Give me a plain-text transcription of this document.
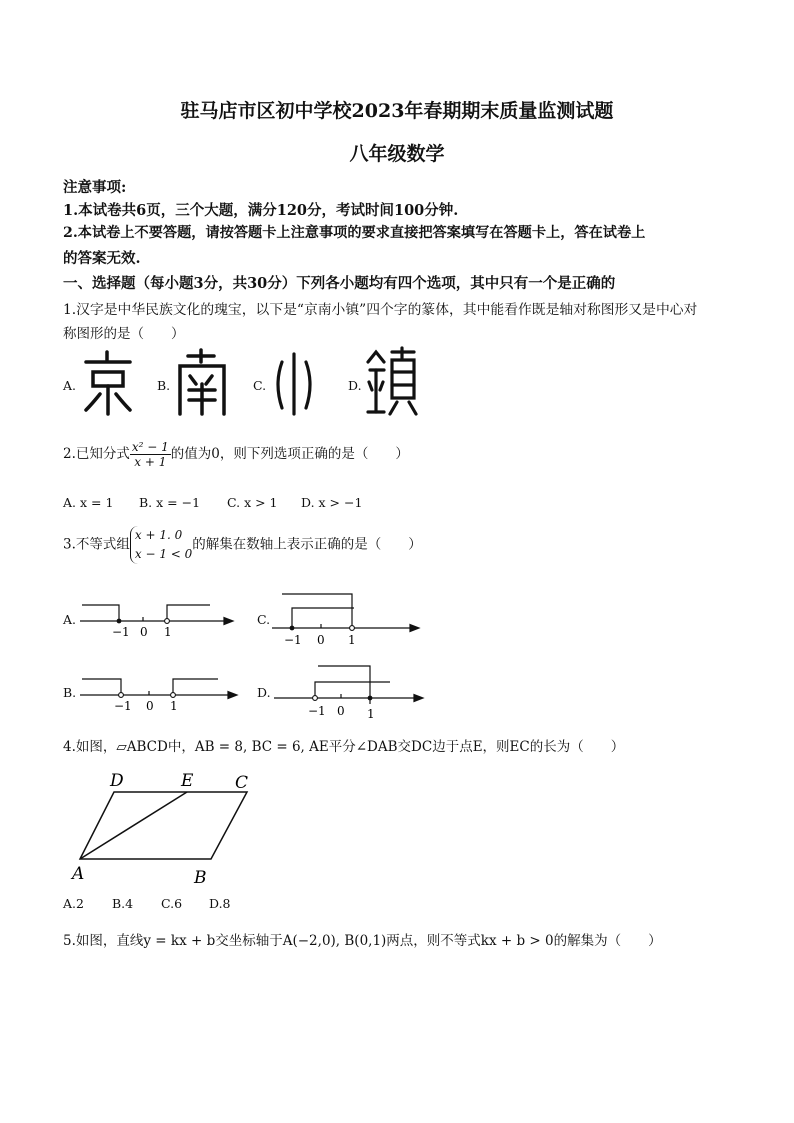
驻马店市区初中学校2023年春期期末质量监测试题
八年级数学
注意事项:
1.本试卷共6页，三个大题，满分120分，考试时间100分钟.
2.本试卷上不要答题，请按答题卡上注意事项的要求直接把答案填写在答题卡上，答在试卷上
的答案无效.
一、选择题（每小题3分，共30分）下列各小题均有四个选项，其中只有一个是正确的
1.汉字是中华民族文化的瑰宝，以下是“京南小镇”四个字的篆体，其中能看作既是轴对称图形又是中心对
称图形的是（　　）
A.	B.	C.	D.
2.已知分式 $\frac{\text{x² − 1}}{x + 1}$ 的值为0，则下列选项正确的是（　　）
A. x = 1 B. x = −1 C. x > 1 D. x > −1
3.不等式组
x + 1. 0
x − 1 < 0
的解集在数轴上表示正确的是（　　）
A.
−1 0 1
C.
−1 0 1
B.
−1 0 1
D.
−1 0 1
4.如图，▱ABCD中，AB = 8, BC = 6, AE平分∠DAB交DC边于点E，则EC的长为（　　）
D	E C
A	B
A.2 B.4 C.6 D.8
5.如图，直线y = kx + b交坐标轴于A(−2,0), B(0,1)两点，则不等式kx + b > 0的解集为（　　）
